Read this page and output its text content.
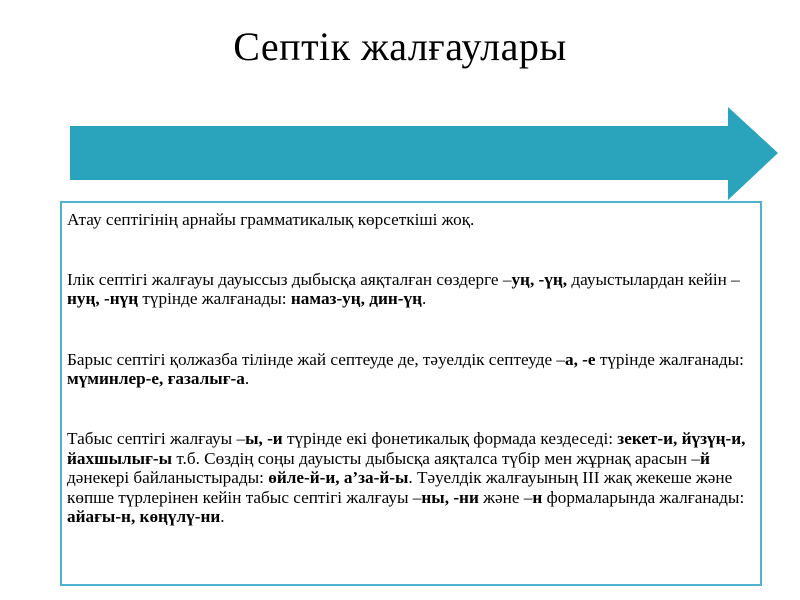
Септік жалғаулары

Атау септігінің арнайы грамматикалық көрсеткіші жоқ.

Ілік септігі жалғауы дауыссыз дыбысқа аяқталған сөздерге –уң, -үң, дауыстылардан кейін –нуң, -нүң түрінде жалғанады: намаз-уң, дин-үң.

Барыс септігі қолжазба тілінде жай септеуде де, тәуелдік септеуде –а, -е түрінде жалғанады: мүминлер-е, ғазалығ-а.

Табыс септігі жалғауы –ы, -и түрінде екі фонетикалық формада кездеседі: зекет-и, йүзүң-и, йахшылығ-ы т.б. Сөздің соңы дауысты дыбысқа аяқталса түбір мен жұрнақ арасын –й дәнекері байланыстырады: өйле-й-и, а’за-й-ы. Тәуелдік жалғауының ІІІ жақ жекеше және көпше түрлерінен кейін табыс септігі жалғауы –ны, -ни және –н формаларында жалғанады: айағы-н, көңүлү-ни.
